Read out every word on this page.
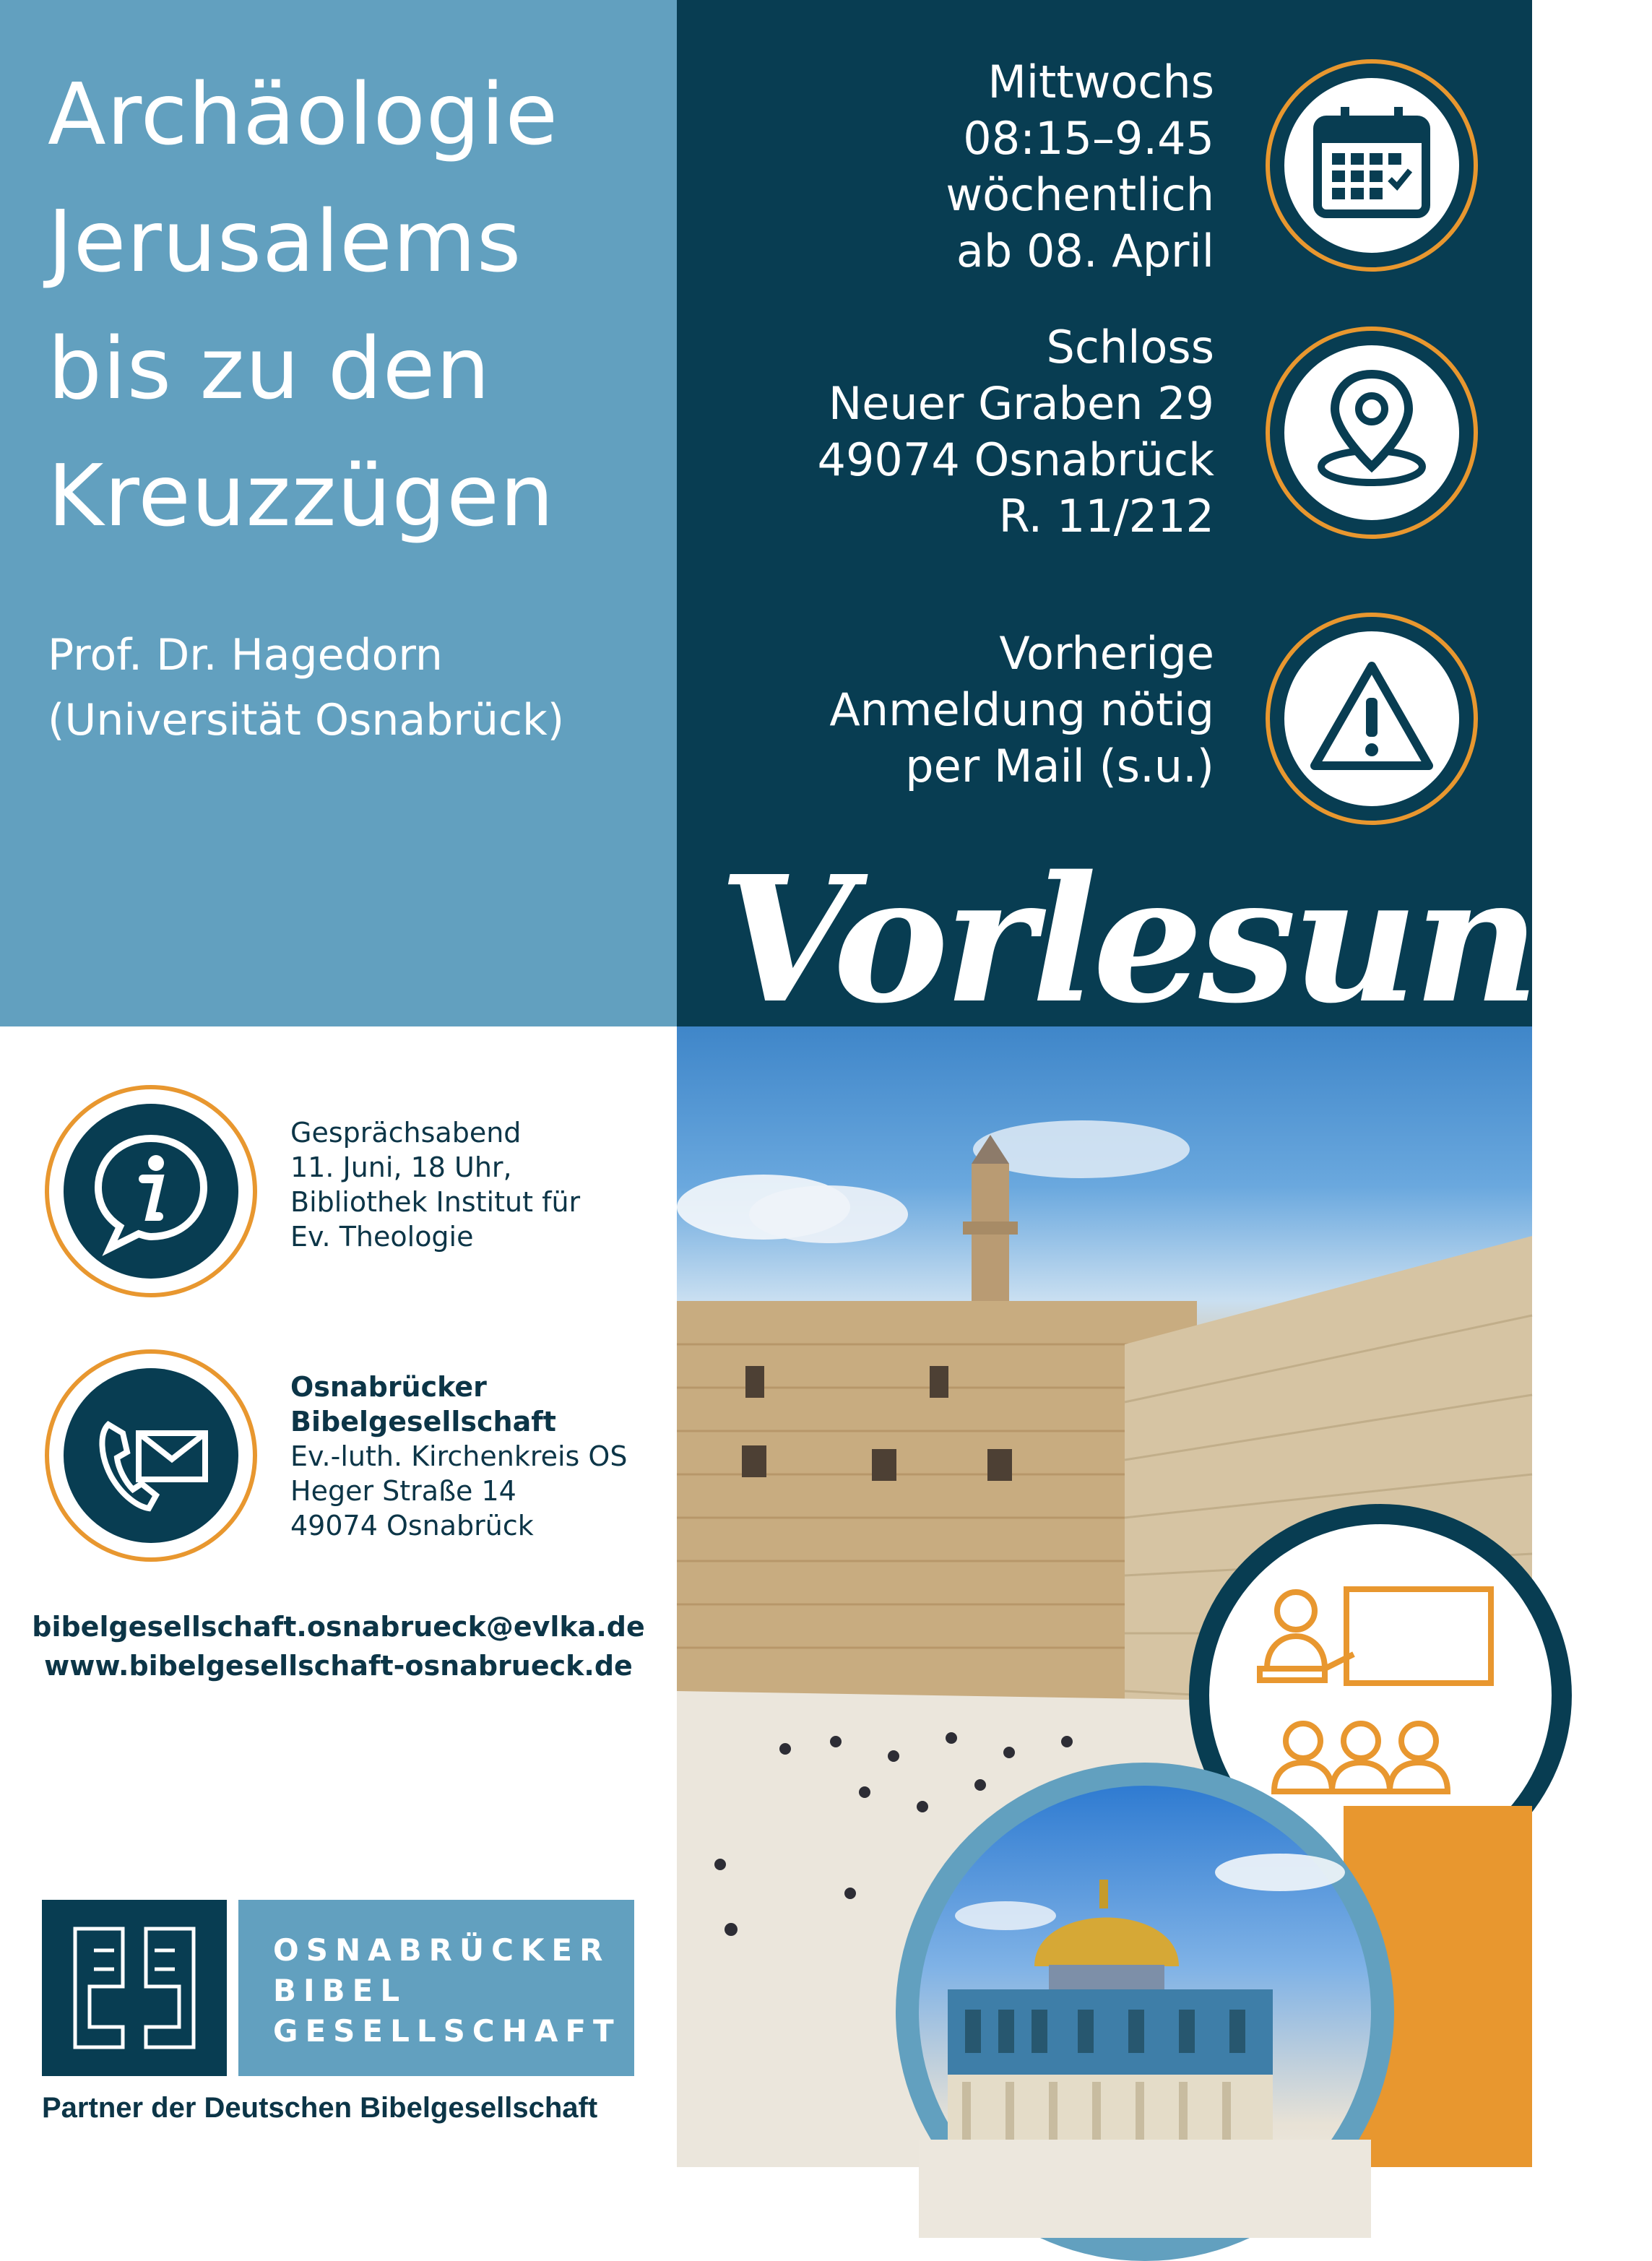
Archäologie
Jerusalems
bis zu den
Kreuzzügen
Prof. Dr. Hagedorn
(Universität Osnabrück)
Mittwochs
08:15–9.45
wöchentlich
ab 08. April
Schloss
Neuer Graben 29
49074 Osnabrück
R. 11/212
Vorherige
Anmeldung nötig
per Mail (s.u.)
Vorlesung
Gesprächsabend
11. Juni, 18 Uhr,
Bibliothek Institut für
Ev. Theologie
Osnabrücker
Bibelgesellschaft
Ev.-luth. Kirchenkreis OS
Heger Straße 14
49074 Osnabrück
bibelgesellschaft.osnabrueck@evlka.de
www.bibelgesellschaft-osnabrueck.de
OSNABRÜCKER
BIBEL
GESELLSCHAFT
Partner der Deutschen Bibelgesellschaft
